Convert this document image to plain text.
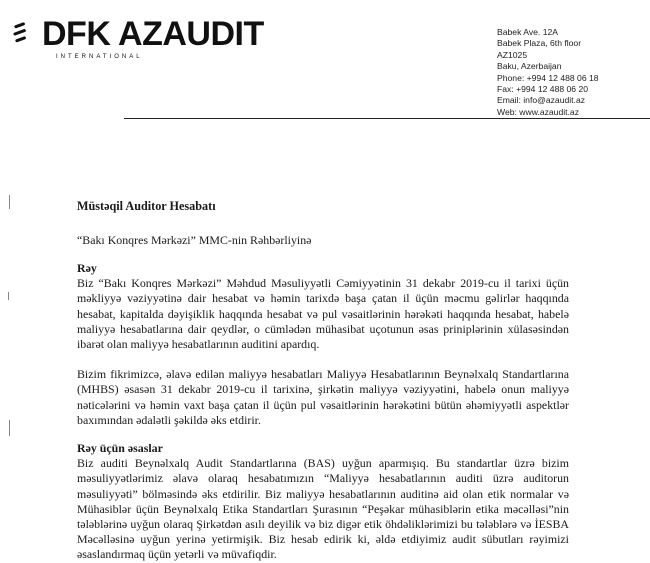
DFK AZAUDIT
INTERNATIONAL
Babek Ave. 12A
Babek Plaza, 6th floor
AZ1025
Baku, Azerbaijan
Phone: +994 12 488 06 18
Fax: +994 12 488 06 20
Email: info@azaudit.az
Web: www.azaudit.az

Müstəqil Auditor Hesabatı

“Bakı Konqres Mərkəzi” MMC-nin Rəhbərliyinə

Rəy

Biz “Bakı Konqres Mərkəzi” Məhdud Məsuliyyətli Cəmiyyətinin 31 dekabr 2019-cu il tarixi üçün məkliyyə vəziyyətinə dair hesabat və həmin tarixdə başa çatan il üçün məcmu gəlirlər haqqında hesabat, kapitalda dəyişiklik haqqında hesabat və pul vəsaitlərinin hərəkəti haqqında hesabat, habelə maliyyə hesabatlarına dair qeydlər, o cümlədən mühasibat uçotunun əsas priniplərinin xülasəsindən ibarət olan maliyyə hesabatlarının auditini apardıq.

Bizim fikrimizcə, əlavə edilən maliyyə hesabatları Maliyyə Hesabatlarının Beynəlxalq Standartlarına (MHBS) əsasən 31 dekabr 2019-cu il tarixinə, şirkətin maliyyə vəziyyətini, habelə onun maliyyə nəticələrini və həmin vaxt başa çatan il üçün pul vəsaitlərinin hərəkətini bütün əhəmiyyətli aspektlər baxımından ədalətli şəkildə əks etdirir.

Rəy üçün əsaslar

Biz auditi Beynəlxalq Audit Standartlarına (BAS) uyğun aparmışıq. Bu standartlar üzrə bizim məsuliyyətlərimiz əlavə olaraq hesabatımızın “Maliyyə hesabatlarının auditi üzrə auditorun məsuliyyəti” bölməsində əks etdirilir. Biz maliyyə hesabatlarının auditinə aid olan etik normalar və Mühasiblər üçün Beynəlxalq Etika Standartları Şurasının “Peşəkar mühasiblərin etika məcəlləsi”nin tələblərinə uyğun olaraq Şirkətdən asılı deyilik və biz digər etik öhdəliklərimizi bu tələblərə və İESBA Məcəlləsinə uyğun yerinə yetirmişik. Biz hesab edirik ki, əldə etdiyimiz audit sübutları rəyimizi əsaslandırmaq üçün yetərli və müvafiqdir.
